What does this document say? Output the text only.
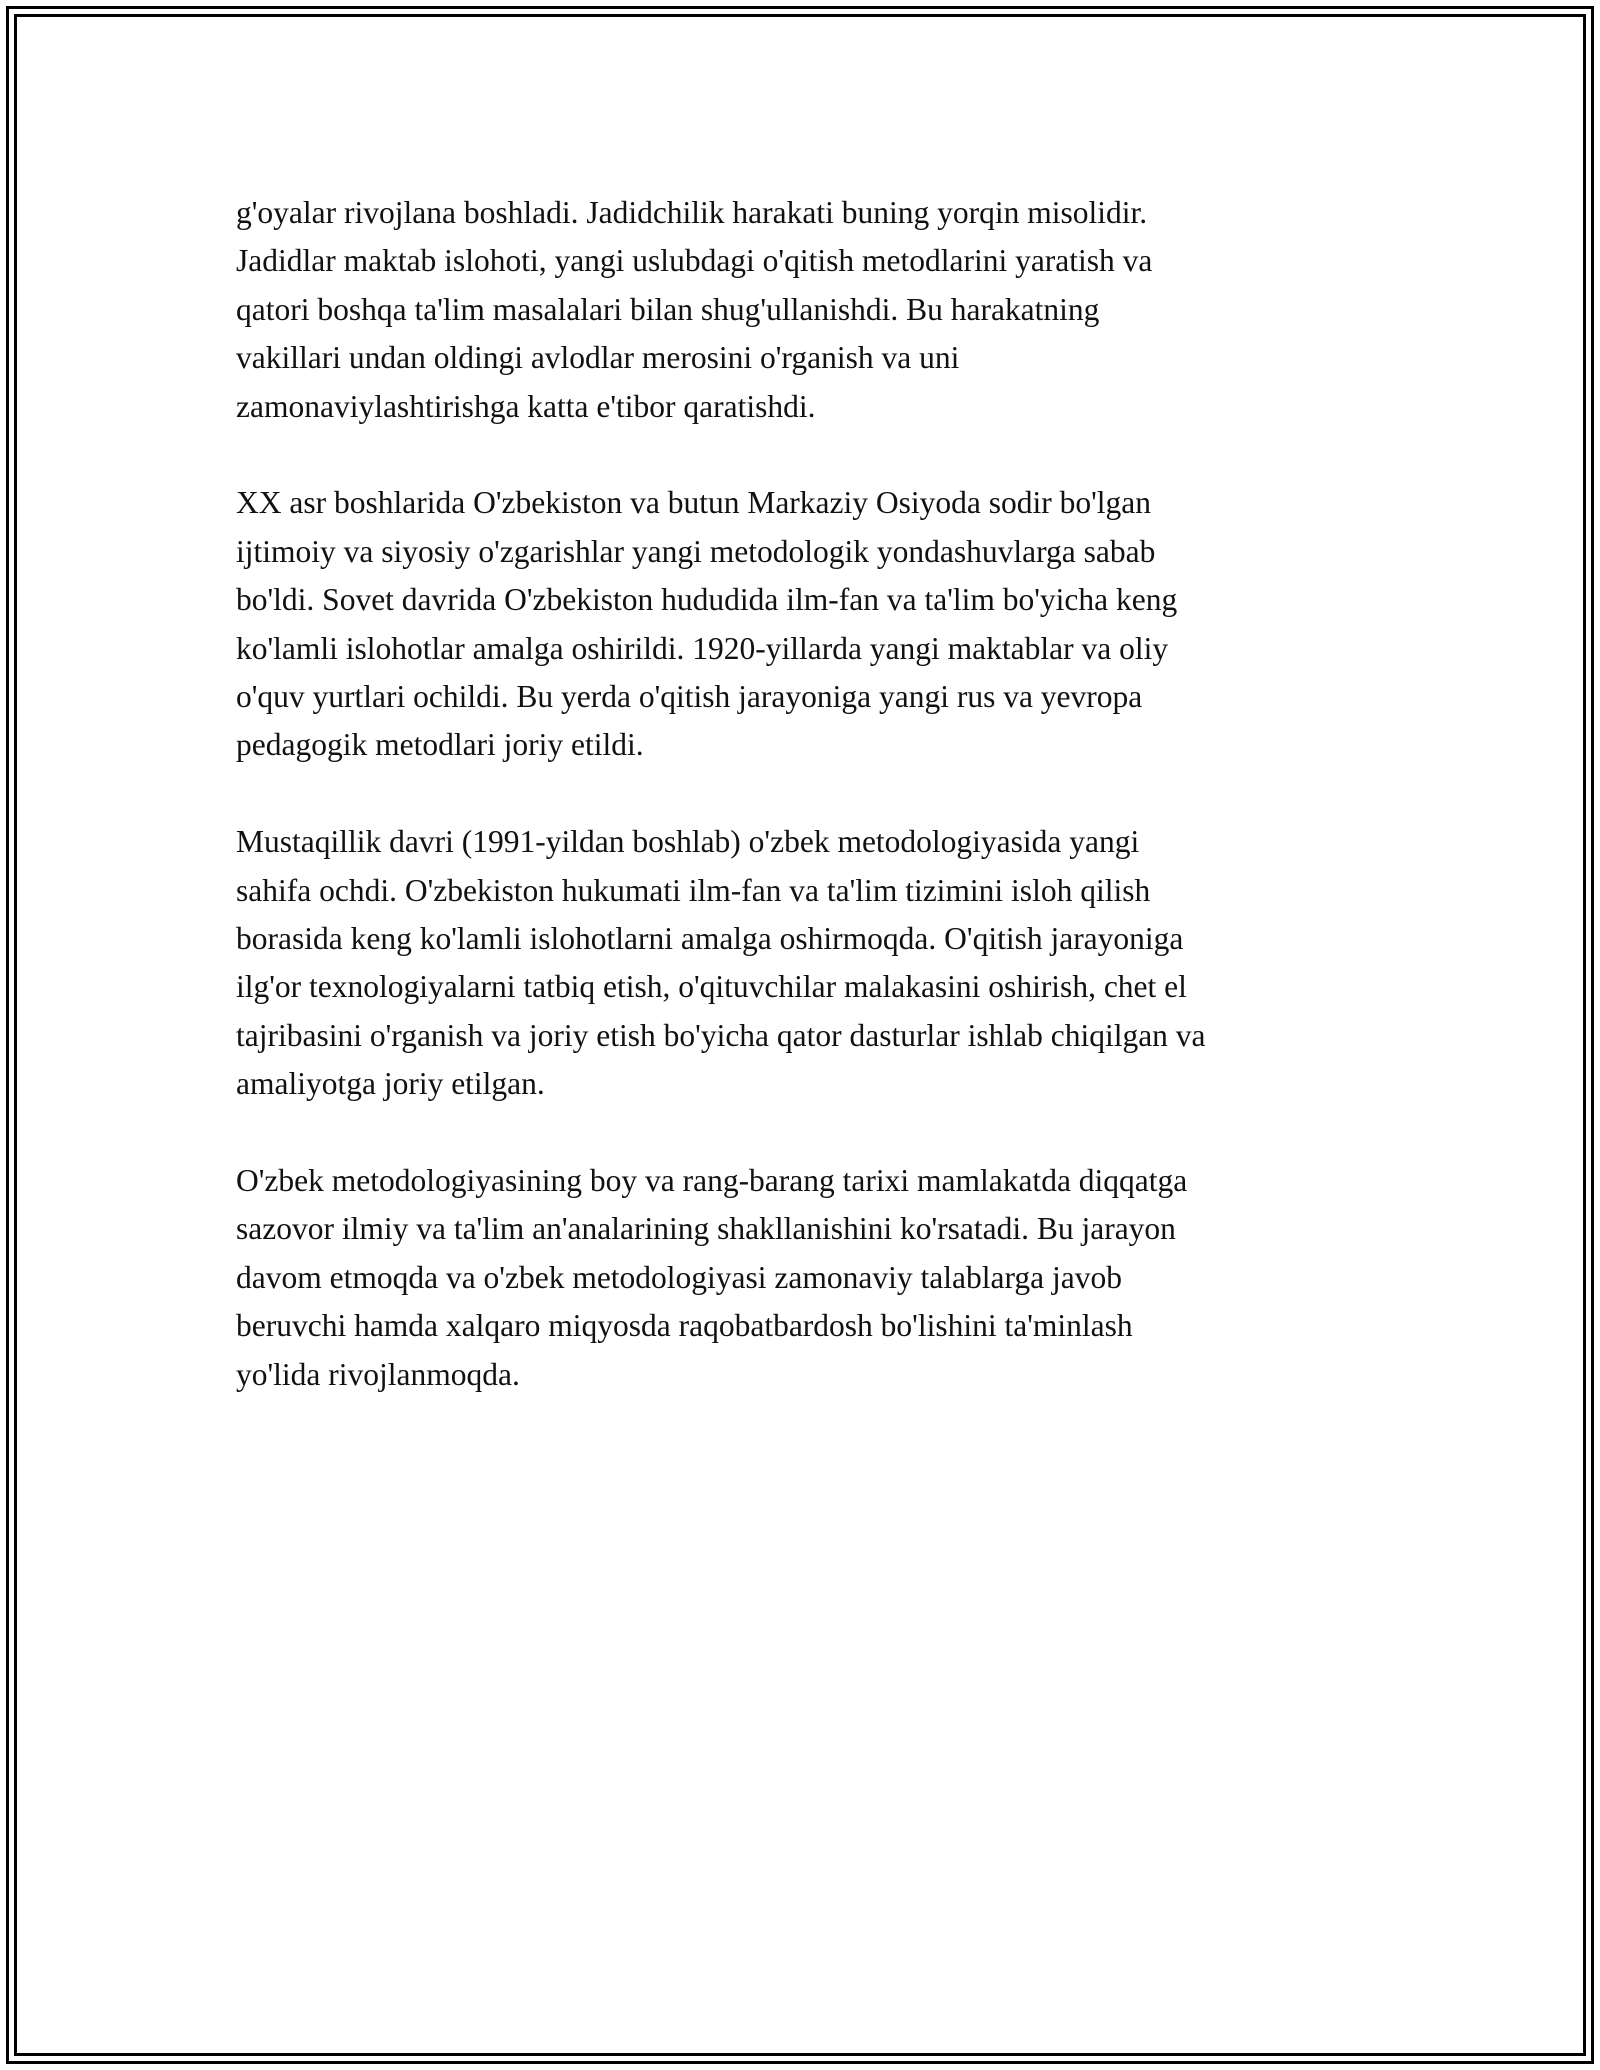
g'oyalar rivojlana boshladi. Jadidchilik harakati buning yorqin misolidir.
Jadidlar maktab islohoti, yangi uslubdagi o'qitish metodlarini yaratish va
qatori boshqa ta'lim masalalari bilan shug'ullanishdi. Bu harakatning
vakillari undan oldingi avlodlar merosini o'rganish va uni
zamonaviylashtirishga katta e'tibor qaratishdi.
XX asr boshlarida O'zbekiston va butun Markaziy Osiyoda sodir bo'lgan
ijtimoiy va siyosiy o'zgarishlar yangi metodologik yondashuvlarga sabab
bo'ldi. Sovet davrida O'zbekiston hududida ilm-fan va ta'lim bo'yicha keng
ko'lamli islohotlar amalga oshirildi. 1920-yillarda yangi maktablar va oliy
o'quv yurtlari ochildi. Bu yerda o'qitish jarayoniga yangi rus va yevropa
pedagogik metodlari joriy etildi.
Mustaqillik davri (1991-yildan boshlab) o'zbek metodologiyasida yangi
sahifa ochdi. O'zbekiston hukumati ilm-fan va ta'lim tizimini isloh qilish
borasida keng ko'lamli islohotlarni amalga oshirmoqda. O'qitish jarayoniga
ilg'or texnologiyalarni tatbiq etish, o'qituvchilar malakasini oshirish, chet el
tajribasini o'rganish va joriy etish bo'yicha qator dasturlar ishlab chiqilgan va
amaliyotga joriy etilgan.
O'zbek metodologiyasining boy va rang-barang tarixi mamlakatda diqqatga
sazovor ilmiy va ta'lim an'analarining shakllanishini ko'rsatadi. Bu jarayon
davom etmoqda va o'zbek metodologiyasi zamonaviy talablarga javob
beruvchi hamda xalqaro miqyosda raqobatbardosh bo'lishini ta'minlash
yo'lida rivojlanmoqda.
